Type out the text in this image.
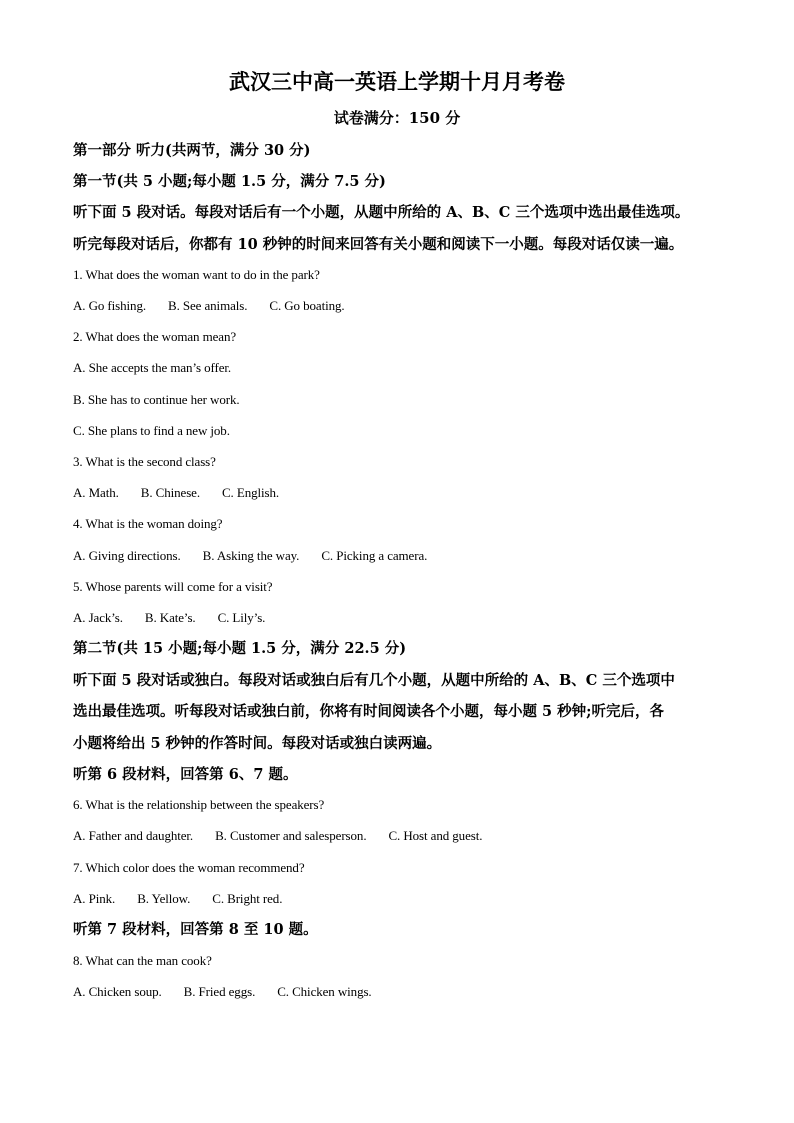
武汉三中高一英语上学期十月月考卷
试卷满分：150 分
第一部分 听力(共两节，满分 30 分)
第一节(共 5 小题;每小题 1.5 分，满分 7.5 分)
听下面 5 段对话。每段对话后有一个小题，从题中所给的 A、B、C 三个选项中选出最佳选项。
听完每段对话后，你都有 10 秒钟的时间来回答有关小题和阅读下一小题。每段对话仅读一遍。
1. What does the woman want to do in the park?
A. Go fishing. B. See animals. C. Go boating.
2. What does the woman mean?
A. She accepts the man’s offer.
B. She has to continue her work.
C. She plans to find a new job.
3. What is the second class?
A. Math. B. Chinese. C. English.
4. What is the woman doing?
A. Giving directions. B. Asking the way. C. Picking a camera.
5. Whose parents will come for a visit?
A. Jack’s. B. Kate’s. C. Lily’s.
第二节(共 15 小题;每小题 1.5 分，满分 22.5 分)
听下面 5 段对话或独白。每段对话或独白后有几个小题，从题中所给的 A、B、C 三个选项中
选出最佳选项。听每段对话或独白前，你将有时间阅读各个小题，每小题 5 秒钟;听完后，各
小题将给出 5 秒钟的作答时间。每段对话或独白读两遍。
听第 6 段材料，回答第 6、7 题。
6. What is the relationship between the speakers?
A. Father and daughter. B. Customer and salesperson. C. Host and guest.
7. Which color does the woman recommend?
A. Pink. B. Yellow. C. Bright red.
听第 7 段材料，回答第 8 至 10 题。
8. What can the man cook?
A. Chicken soup. B. Fried eggs. C. Chicken wings.
